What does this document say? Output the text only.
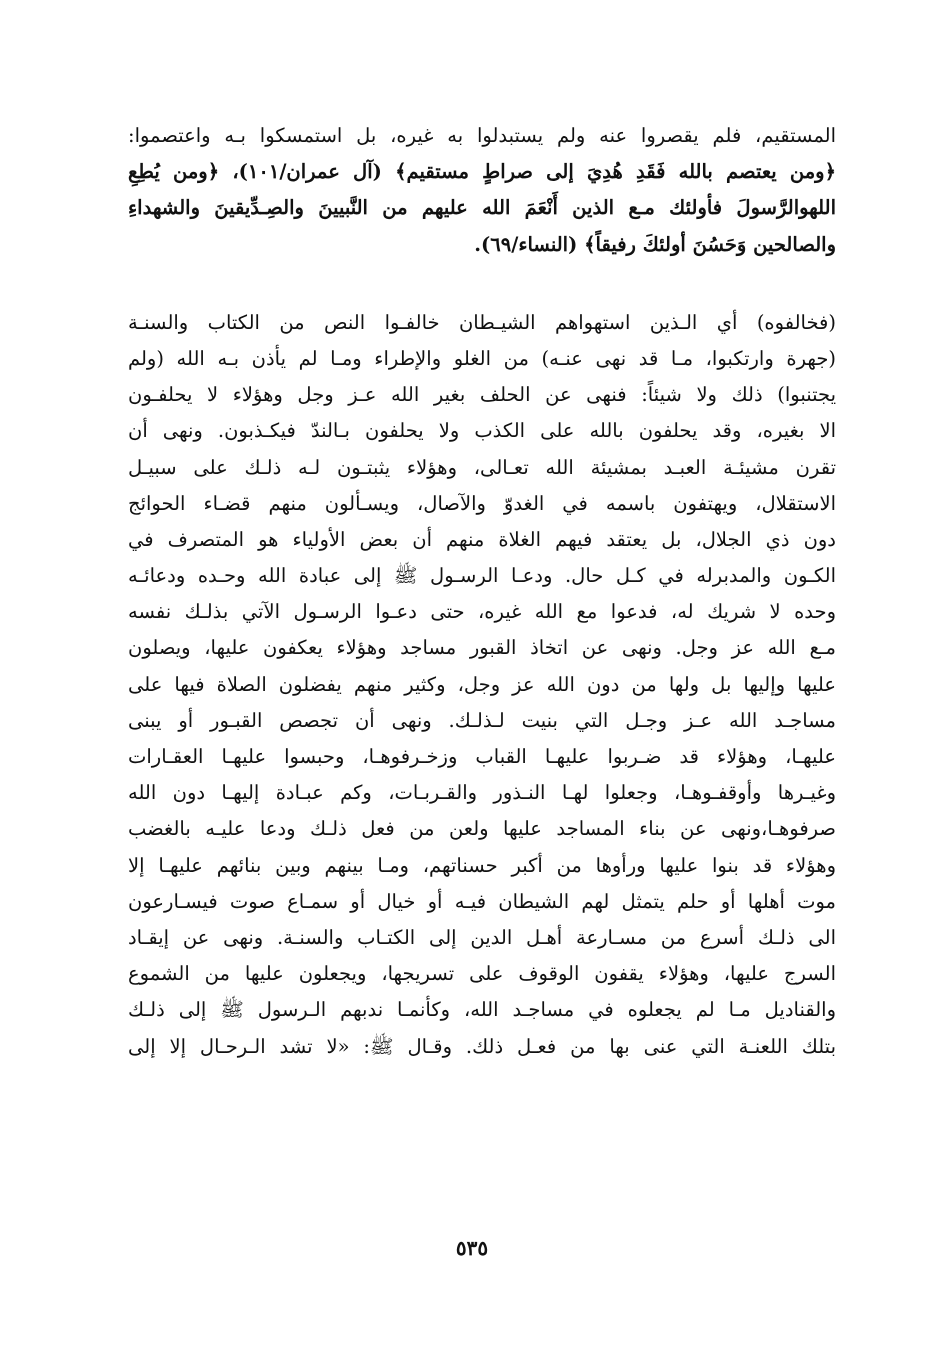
المستقيم، فلم يقصروا عنه ولم يستبدلوا به غيره، بل استمسكوا بـه واعتصموا:
﴿ومن يعتصم بالله فَقَدِ هُدِيَ إلى صراطٍ مستقيم﴾ (آل عمران/١٠١)، ﴿ومن يُطِعِ
اللهوالرَّسولَ فأولئك مـع الذين أَنْعَمَ الله عليهم من النَّبيينَ والصِـدِّيقينَ والشهداءِ
والصالحين وَحَسُنَ أولئكَ رفيقاً﴾ (النساء/٦٩).
(فخالفوه) أي الـذين استهواهم الشيـطان خالفـوا النص من الكتاب والسنـة
(جهرة وارتكبوا، مـا قد نهى عنـه) من الغلو والإطراء ومـا لم يأذن بـه الله (ولم
يجتنبوا) ذلك ولا شيئاً: فنهى عن الحلف بغير الله عـز وجل وهؤلاء لا يحلفـون
الا بغيره، وقد يحلفون بالله على الكذب ولا يحلفون بـالندّ فيكـذبون. ونهى أن
تقرن مشيئـة العبـد بمشيئة الله تعـالى، وهؤلاء يثبتـون لـه ذلـك على سبيـل
الاستقلال، ويهتفون باسمه في الغدوّ والآصال، ويسـألون منهم قضـاء الحوائج
دون ذي الجلال، بل يعتقد فيهم الغلاة منهم أن بعض الأولياء هو المتصرف في
الكـون والمدبرله في كـل حال. ودعـا الرسـول ﷺ إلى عبادة الله وحـده ودعائـه
وحده لا شريك له، فدعوا مع الله غيره، حتى دعـوا الرسـول الآتي بذلـك نفسه
مـع الله عز وجل. ونهى عن اتخاذ القبور مساجد وهؤلاء يعكفون عليها، ويصلون
عليها وإليها بل ولها من دون الله عز وجل، وكثير منهم يفضلون الصلاة فيها على
مساجـد الله عـز وجـل التي بنيت لـذلـك. ونهى أن تجصص القبـور أو يبنى
عليهـا، وهؤلاء قد ضـربوا عليهـا القباب وزخـرفوهـا، وحبسوا عليهـا العقـارات
وغيـرها وأوقفـوهـا، وجعلوا لهـا النـذور والقـربـات، وكم عبـادة إليهـا دون الله
صرفوهـا،ونهى عن بناء المساجد عليها ولعن من فعل ذلـك ودعا عليـه بالغضب
وهؤلاء قد بنوا عليها ورأوها من أكبر حسناتهم، ومـا بينهم وبين بنائهم عليهـا إلا
موت أهلها أو حلم يتمثل لهم الشيطان فيـه أو خيال أو سمـاع صوت فيسـارعون
الى ذلـك أسرع من مسـارعة أهـل الدين إلى الكتـاب والسنـة. ونهى عن إيقـاد
السرج عليها، وهؤلاء يقفون الوقوف على تسريجها، ويجعلون عليها من الشموع
والقناديل مـا لم يجعلوه في مساجـد الله، وكأنمـا ندبهم الـرسول ﷺ إلى ذلـك
بتلك اللعنـة التي عنى بها من فعـل ذلك. وقـال ﷺ: «لا تشد الـرحـال إلا إلى
٥٣٥
